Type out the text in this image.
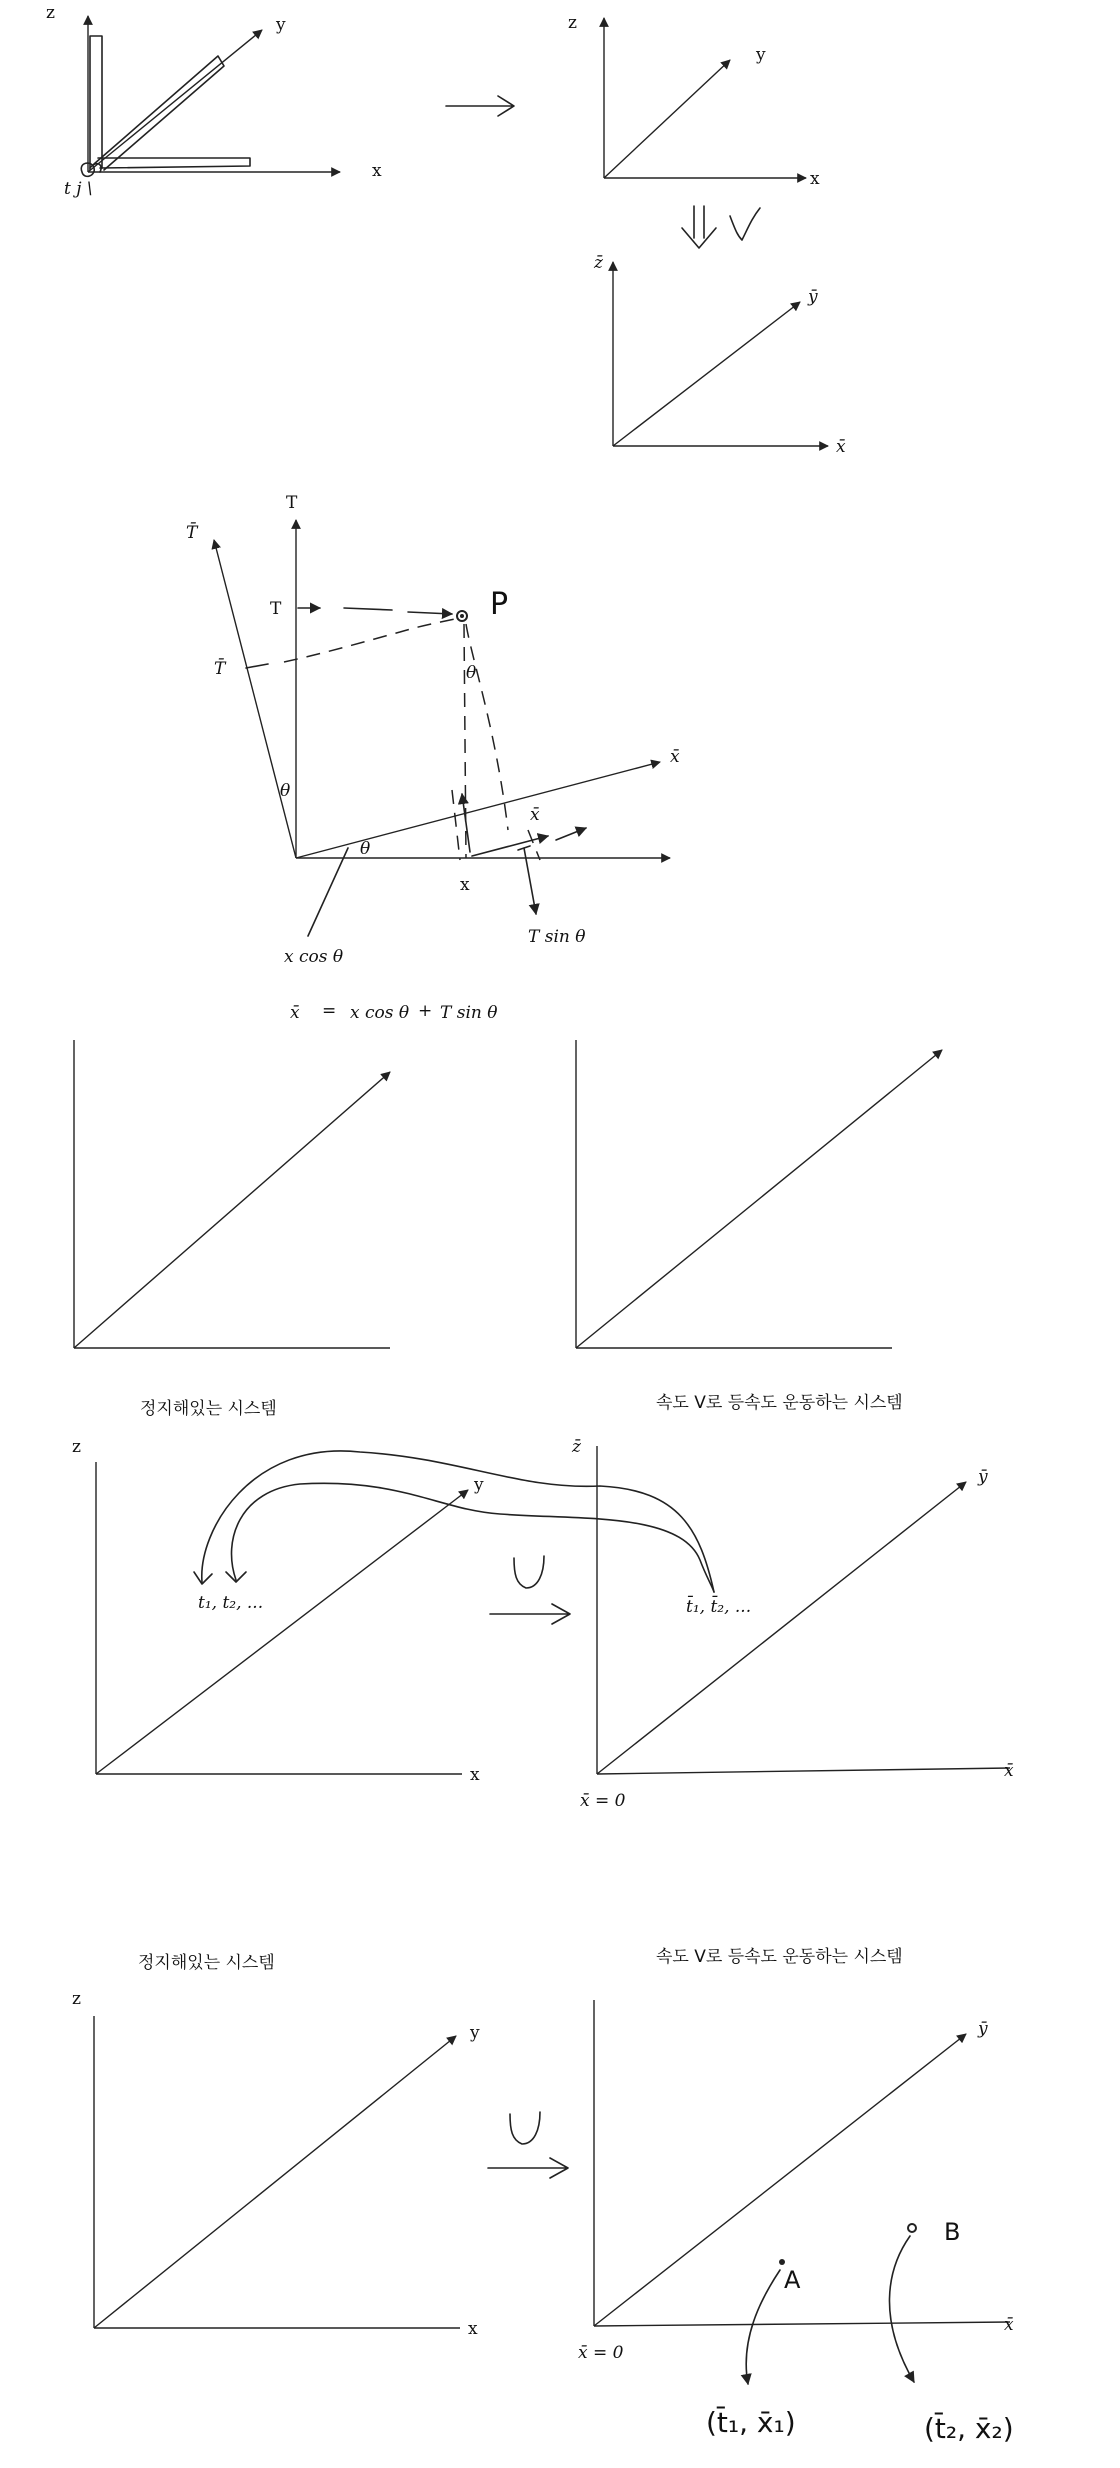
z
y
x
t j \
z
y
x
z̄
ȳ
x̄
T
T̄
x̄
T
T̄
P
θ
θ
θ
x̄
x
x cos θ
T sin θ
x̄ = x cos θ + T sin θ
정지해있는 시스템	속도 V로 등속도 운동하는 시스템
z
y
x
z̄
ȳ
x̄
x̄ = 0
t₁, t₂, ...	t̄₁, t̄₂, ...
정지해있는 시스템	속도 V로 등속도 운동하는 시스템
z
y
x
ȳ
x̄
x̄ = 0
A
(t̄₁, x̄₁)
B
(t̄₂, x̄₂)
